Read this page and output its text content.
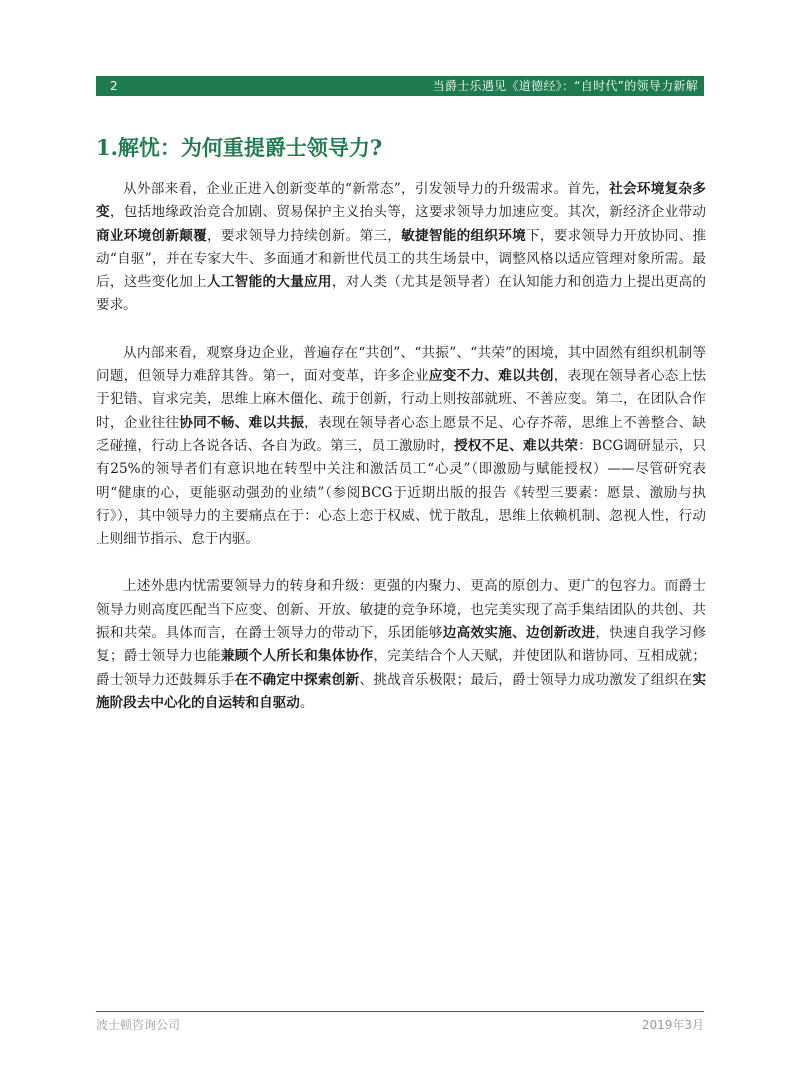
2	当爵士乐遇见《道德经》：“自时代”的领导力新解
1.解忧：为何重提爵士领导力?

从外部来看，企业正进入创新变革的“新常态”，引发领导力的升级需求。首先，社会环境复杂多变，包括地缘政治竞合加剧、贸易保护主义抬头等，这要求领导力加速应变。其次，新经济企业带动商业环境创新颠覆，要求领导力持续创新。第三，敏捷智能的组织环境下，要求领导力开放协同、推动“自驱”，并在专家大牛、多面通才和新世代员工的共生场景中，调整风格以适应管理对象所需。最后，这些变化加上人工智能的大量应用，对人类（尤其是领导者）在认知能力和创造力上提出更高的要求。

从内部来看，观察身边企业，普遍存在“共创”、“共振”、“共荣”的困境，其中固然有组织机制等问题，但领导力难辞其咎。第一，面对变革，许多企业应变不力、难以共创，表现在领导者心态上怯于犯错、盲求完美，思维上麻木僵化、疏于创新，行动上则按部就班、不善应变。第二，在团队合作时，企业往往协同不畅、难以共振，表现在领导者心态上愿景不足、心存芥蒂，思维上不善整合、缺乏碰撞，行动上各说各话、各自为政。第三，员工激励时，授权不足、难以共荣：BCG调研显示，只有25%的领导者们有意识地在转型中关注和激活员工“心灵”（即激励与赋能授权）——尽管研究表明“健康的心，更能驱动强劲的业绩”（参阅BCG于近期出版的报告《转型三要素：愿景、激励与执行》），其中领导力的主要痛点在于：心态上恋于权威、忧于散乱，思维上依赖机制、忽视人性，行动上则细节指示、怠于内驱。

上述外患内忧需要领导力的转身和升级：更强的内聚力、更高的原创力、更广的包容力。而爵士领导力则高度匹配当下应变、创新、开放、敏捷的竞争环境，也完美实现了高手集结团队的共创、共振和共荣。具体而言，在爵士领导力的带动下，乐团能够边高效实施、边创新改进，快速自我学习修复；爵士领导力也能兼顾个人所长和集体协作，完美结合个人天赋，并使团队和谐协同、互相成就；爵士领导力还鼓舞乐手在不确定中探索创新、挑战音乐极限；最后，爵士领导力成功激发了组织在实施阶段去中心化的自运转和自驱动。

波士顿咨询公司	2019年3月
